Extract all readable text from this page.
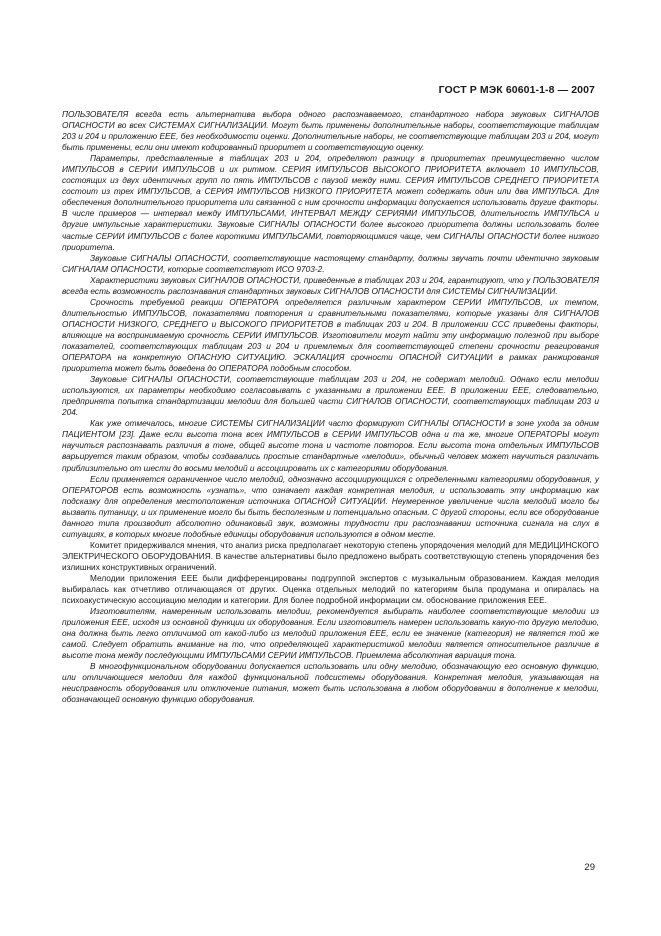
ГОСТ Р МЭК 60601-1-8 — 2007

ПОЛЬЗОВАТЕЛЯ всегда есть альтернатива выбора одного распознаваемого, стандартного набора звуковых СИГНАЛОВ ОПАСНОСТИ во всех СИСТЕМАХ СИГНАЛИЗАЦИИ. Могут быть применены дополнительные наборы, соответствующие таблицам 203 и 204 и приложению ЕЕЕ, без необходимости оценки. Дополнительные наборы, не соответствующие таблицам 203 и 204, могут быть применены, если они имеют кодированный приоритет и соответствующую оценку.

Параметры, представленные в таблицах 203 и 204, определяют разницу в приоритетах преимущественно числом ИМПУЛЬСОВ в СЕРИИ ИМПУЛЬСОВ и их ритмом. СЕРИЯ ИМПУЛЬСОВ ВЫСОКОГО ПРИОРИТЕТА включает 10 ИМПУЛЬСОВ, состоящих из двух идентичных групп по пять ИМПУЛЬСОВ с паузой между ними. СЕРИЯ ИМПУЛЬСОВ СРЕДНЕГО ПРИОРИТЕТА состоит из трех ИМПУЛЬСОВ, а СЕРИЯ ИМПУЛЬСОВ НИЗКОГО ПРИОРИТЕТА может содержать один или два ИМПУЛЬСА. Для обеспечения дополнительного приоритета или связанной с ним срочности информации допускается использовать другие факторы. В числе примеров — интервал между ИМПУЛЬСАМИ, ИНТЕРВАЛ МЕЖДУ СЕРИЯМИ ИМПУЛЬСОВ, длительность ИМПУЛЬСА и другие импульсные характеристики. Звуковые СИГНАЛЫ ОПАСНОСТИ более высокого приоритета должны использовать более частые СЕРИИ ИМПУЛЬСОВ с более короткими ИМПУЛЬСАМИ, повторяющимися чаще, чем СИГНАЛЫ ОПАСНОСТИ более низкого приоритета.

Звуковые СИГНАЛЫ ОПАСНОСТИ, соответствующие настоящему стандарту, должны звучать почти идентично звуковым СИГНАЛАМ ОПАСНОСТИ, которые соответствуют ИСО 9703-2.

Характеристики звуковых СИГНАЛОВ ОПАСНОСТИ, приведенные в таблицах 203 и 204, гарантируют, что у ПОЛЬЗОВАТЕЛЯ всегда есть возможность распознавания стандартных звуковых СИГНАЛОВ ОПАСНОСТИ для СИСТЕМЫ СИГНАЛИЗАЦИИ.

Срочность требуемой реакции ОПЕРАТОРА определяется различным характером СЕРИИ ИМПУЛЬСОВ, их темпом, длительностью ИМПУЛЬСОВ, показателями повторения и сравнительными показателями, которые указаны для СИГНАЛОВ ОПАСНОСТИ НИЗКОГО, СРЕДНЕГО и ВЫСОКОГО ПРИОРИТЕТОВ в таблицах 203 и 204. В приложении ССС приведены факторы, влияющие на воспринимаемую срочность СЕРИИ ИМПУЛЬСОВ. Изготовители могут найти эту информацию полезной при выборе показателей, соответствующих таблицам 203 и 204 и приемлемых для соответствующей степени срочности реагирования ОПЕРАТОРА на конкретную ОПАСНУЮ СИТУАЦИЮ. ЭСКАЛАЦИЯ срочности ОПАСНОЙ СИТУАЦИИ в рамках ранжирования приоритета может быть доведена до ОПЕРАТОРА подобным способом.

Звуковые СИГНАЛЫ ОПАСНОСТИ, соответствующие таблицам 203 и 204, не содержат мелодий. Однако если мелодии используются, их параметры необходимо согласовывать с указанными в приложении ЕЕЕ. В приложении ЕЕЕ, следовательно, предпринята попытка стандартизации мелодии для большей части СИГНАЛОВ ОПАСНОСТИ, соответствующих таблицам 203 и 204.

Как уже отмечалось, многие СИСТЕМЫ СИГНАЛИЗАЦИИ часто формируют СИГНАЛЫ ОПАСНОСТИ в зоне ухода за одним ПАЦИЕНТОМ [23]. Даже если высота тона всех ИМПУЛЬСОВ в СЕРИИ ИМПУЛЬСОВ одна и та же, многие ОПЕРАТОРЫ могут научиться распознавать различия в тоне, общей высоте тона и частоте повторов. Если высота тона отдельных ИМПУЛЬСОВ варьируется таким образом, чтобы создавались простые стандартные «мелодии», обычный человек может научиться различать приблизительно от шести до восьми мелодий и ассоциировать их с категориями оборудования.

Если применяется ограниченное число мелодий, однозначно ассоциирующихся с определенными категориями оборудования, у ОПЕРАТОРОВ есть возможность «узнать», что означает каждая конкретная мелодия, и использовать эту информацию как подсказку для определения местоположения источника ОПАСНОЙ СИТУАЦИИ. Неумеренное увеличение числа мелодий могло бы вызвать путаницу, и их применение могло бы быть бесполезным и потенциально опасным. С другой стороны, если все оборудование данного типа производит абсолютно одинаковый звук, возможны трудности при распознавании источника сигнала на слух в ситуациях, в которых многие подобные единицы оборудования используются в одном месте.

Комитет придерживался мнения, что анализ риска предполагает некоторую степень упорядочения мелодий для МЕДИЦИНСКОГО ЭЛЕКТРИЧЕСКОГО ОБОРУДОВАНИЯ. В качестве альтернативы было предложено выбрать соответствующую степень упорядочения без излишних конструктивных ограничений.

Мелодии приложения ЕЕЕ были дифференцированы подгруппой экспертов с музыкальным образованием. Каждая мелодия выбиралась как отчетливо отличающаяся от других. Оценка отдельных мелодий по категориям была продумана и опиралась на психоакустическую ассоциацию мелодии и категории. Для более подробной информации см. обоснование приложения ЕЕЕ.

Изготовителям, намеренным использовать мелодии, рекомендуется выбирать наиболее соответствующие мелодии из приложения ЕЕЕ, исходя из основной функции их оборудования. Если изготовитель намерен использовать какую-то другую мелодию, она должна быть легко отличимой от какой-либо из мелодий приложения ЕЕЕ, если ее значение (категория) не является той же самой. Следует обратить внимание на то, что определяющей характеристикой мелодии является относительное различие в высоте тона между последующими ИМПУЛЬСАМИ СЕРИИ ИМПУЛЬСОВ. Приемлема абсолютная вариация тона.

В многофункциональном оборудовании допускается использовать или одну мелодию, обозначающую его основную функцию, или отличающиеся мелодии для каждой функциональной подсистемы оборудования. Конкретная мелодия, указывающая на неисправность оборудования или отключение питания, может быть использована в любом оборудовании в дополнение к мелодии, обозначающей основную функцию оборудования.

29
